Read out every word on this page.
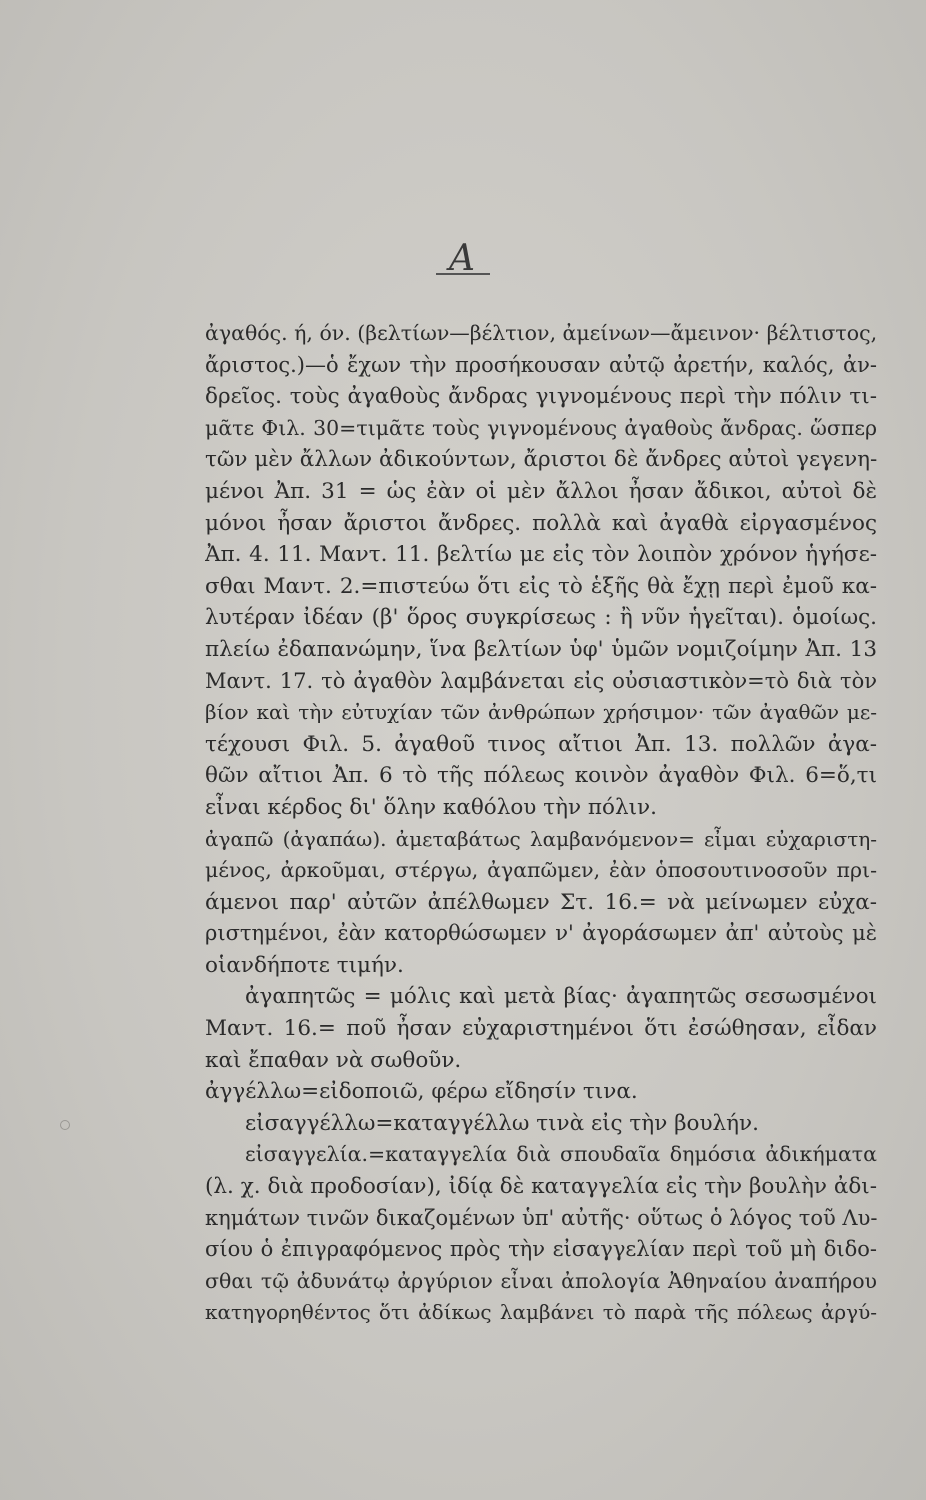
A
ἀγαθός. ή, όν. (βελτίων—βέλτιον, ἀμείνων—ἄμεινον· βέλτιστος,
ἄριστος.)—ὁ ἔχων τὴν προσήκουσαν αὐτῷ ἀρετήν, καλός, ἀν-
δρεῖος. τοὺς ἀγαθοὺς ἄνδρας γιγνομένους περὶ τὴν πόλιν τι-
μᾶτε Φιλ. 30=τιμᾶτε τοὺς γιγνομένους ἀγαθοὺς ἄνδρας. ὥσπερ
τῶν μὲν ἄλλων ἀδικούντων, ἄριστοι δὲ ἄνδρες αὐτοὶ γεγενη-
μένοι Ἀπ. 31 = ὡς ἐὰν οἱ μὲν ἄλλοι ἦσαν ἄδικοι, αὐτοὶ δὲ
μόνοι ἦσαν ἄριστοι ἄνδρες. πολλὰ καὶ ἀγαθὰ εἰργασμένος
Ἀπ. 4. 11. Μαντ. 11. βελτίω με εἰς τὸν λοιπὸν χρόνον ἡγήσε-
σθαι Μαντ. 2.=πιστεύω ὅτι εἰς τὸ ἑξῆς θὰ ἔχῃ περὶ ἐμοῦ κα-
λυτέραν ἰδέαν (β' ὅρος συγκρίσεως : ἢ νῦν ἡγεῖται). ὁμοίως.
πλείω ἐδαπανώμην, ἵνα βελτίων ὑφ' ὑμῶν νομιζοίμην Ἀπ. 13
Μαντ. 17. τὸ ἀγαθὸν λαμβάνεται εἰς οὐσιαστικὸν=τὸ διὰ τὸν
βίον καὶ τὴν εὐτυχίαν τῶν ἀνθρώπων χρήσιμον· τῶν ἀγαθῶν με-
τέχουσι Φιλ. 5. ἀγαθοῦ τινος αἴτιοι Ἀπ. 13. πολλῶν ἀγα-
θῶν αἴτιοι Ἀπ. 6 τὸ τῆς πόλεως κοινὸν ἀγαθὸν Φιλ. 6=ὅ,τι
εἶναι κέρδος δι' ὅλην καθόλου τὴν πόλιν.
ἀγαπῶ (ἀγαπάω). ἀμεταβάτως λαμβανόμενον= εἶμαι εὐχαριστη-
μένος, ἀρκοῦμαι, στέργω, ἀγαπῶμεν, ἐὰν ὁποσουτινοσοῦν πρι-
άμενοι παρ' αὐτῶν ἀπέλθωμεν Στ. 16.= νὰ μείνωμεν εὐχα-
ριστημένοι, ἐὰν κατορθώσωμεν ν' ἀγοράσωμεν ἀπ' αὐτοὺς μὲ
οἱανδήποτε τιμήν.
ἀγαπητῶς = μόλις καὶ μετὰ βίας· ἀγαπητῶς σεσωσμένοι
Μαντ. 16.= ποῦ ἦσαν εὐχαριστημένοι ὅτι ἐσώθησαν, εἶδαν
καὶ ἔπαθαν νὰ σωθοῦν.
ἀγγέλλω=εἰδοποιῶ, φέρω εἴδησίν τινα.
εἰσαγγέλλω=καταγγέλλω τινὰ εἰς τὴν βουλήν.
εἰσαγγελία.=καταγγελία διὰ σπουδαῖα δημόσια ἀδικήματα
(λ. χ. διὰ προδοσίαν), ἰδίᾳ δὲ καταγγελία εἰς τὴν βουλὴν ἀδι-
κημάτων τινῶν δικαζομένων ὑπ' αὐτῆς· οὕτως ὁ λόγος τοῦ Λυ-
σίου ὁ ἐπιγραφόμενος πρὸς τὴν εἰσαγγελίαν περὶ τοῦ μὴ διδο-
σθαι τῷ ἀδυνάτῳ ἀργύριον εἶναι ἀπολογία Ἀθηναίου ἀναπήρου
κατηγορηθέντος ὅτι ἀδίκως λαμβάνει τὸ παρὰ τῆς πόλεως ἀργύ-
